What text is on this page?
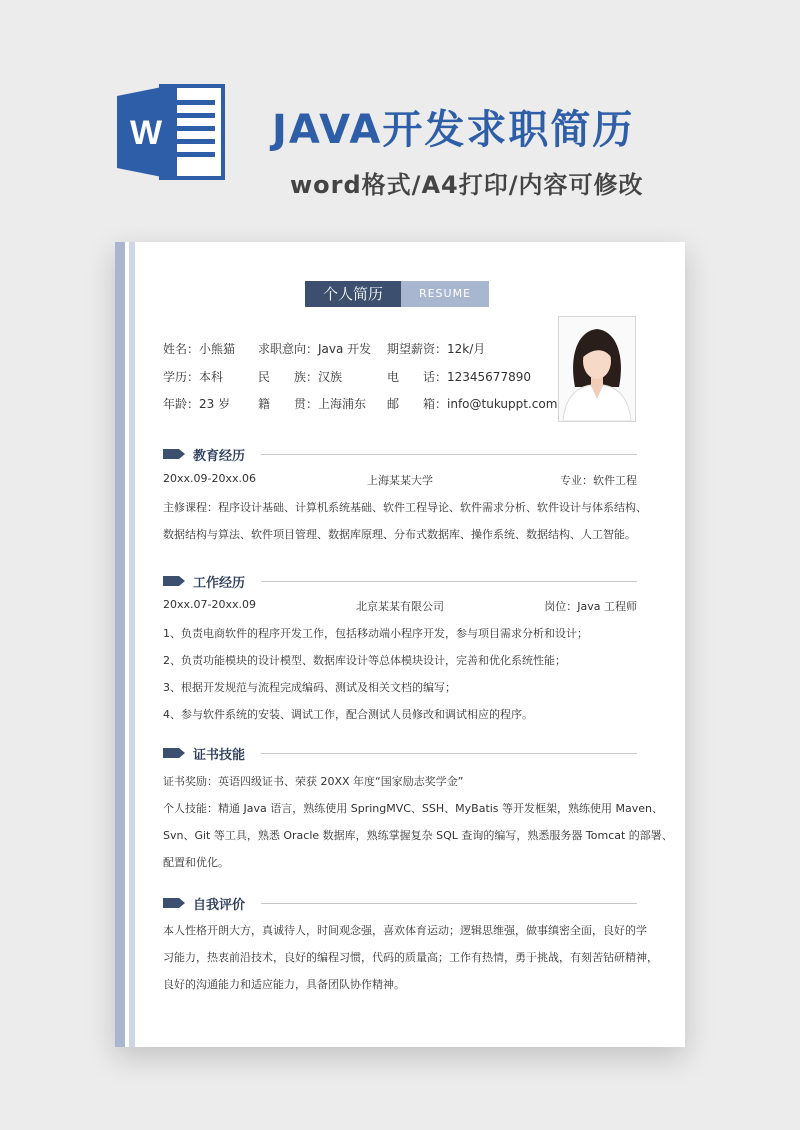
W	JAVA开发求职简历
word格式/A4打印/内容可修改
个人简历	RESUME
姓名：小熊猫 求职意向：Java 开发 期望薪资：12k/月
学历：本科	民　　族：汉族	电　　话：12345677890
年龄：23 岁 籍　　贯：上海浦东 邮　　箱：info@tukuppt.com
教育经历
20xx.09-20xx.06	上海某某大学	专业：软件工程
主修课程：程序设计基础、计算机系统基础、软件工程导论、软件需求分析、软件设计与体系结构、
数据结构与算法、软件项目管理、数据库原理、分布式数据库、操作系统、数据结构、人工智能。
工作经历
20xx.07-20xx.09	北京某某有限公司	岗位：Java 工程师
1、负责电商软件的程序开发工作，包括移动端小程序开发，参与项目需求分析和设计；
2、负责功能模块的设计模型、数据库设计等总体模块设计，完善和优化系统性能；
3、根据开发规范与流程完成编码、测试及相关文档的编写；
4、参与软件系统的安装、调试工作，配合测试人员修改和调试相应的程序。
证书技能
证书奖励：英语四级证书、荣获 20XX 年度“国家励志奖学金”
个人技能：精通 Java 语言，熟练使用 SpringMVC、SSH、MyBatis 等开发框架，熟练使用 Maven、
Svn、Git 等工具，熟悉 Oracle 数据库，熟练掌握复杂 SQL 查询的编写，熟悉服务器 Tomcat 的部署、
配置和优化。
自我评价
本人性格开朗大方，真诚待人，时间观念强，喜欢体育运动；逻辑思维强，做事缜密全面，良好的学
习能力，热衷前沿技术，良好的编程习惯，代码的质量高；工作有热情，勇于挑战，有刻苦钻研精神，
良好的沟通能力和适应能力，具备团队协作精神。
